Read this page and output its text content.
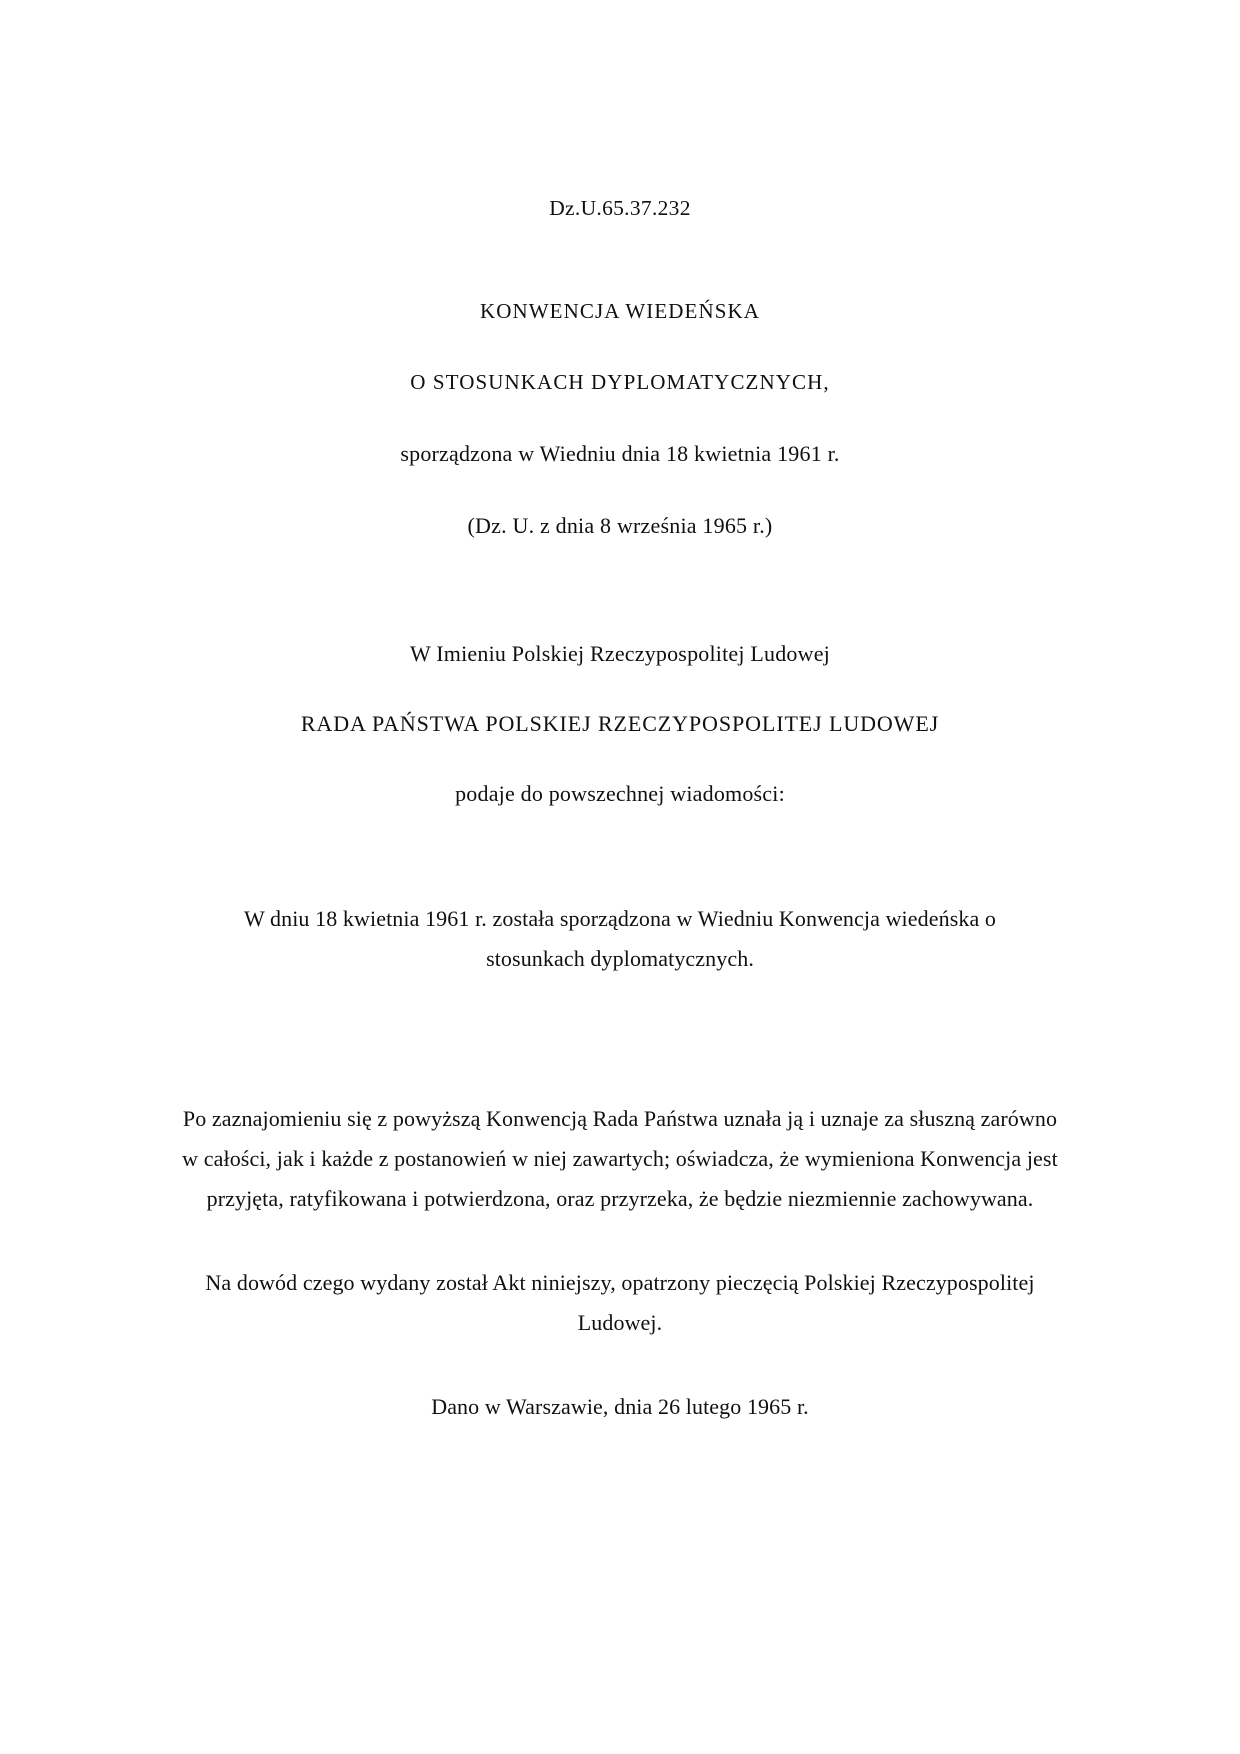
Dz.U.65.37.232
KONWENCJA WIEDEŃSKA
O STOSUNKACH DYPLOMATYCZNYCH,
sporządzona w Wiedniu dnia 18 kwietnia 1961 r.
(Dz. U. z dnia 8 września 1965 r.)
W Imieniu Polskiej Rzeczypospolitej Ludowej
RADA PAŃSTWA POLSKIEJ RZECZYPOSPOLITEJ LUDOWEJ
podaje do powszechnej wiadomości:

W dniu 18 kwietnia 1961 r. została sporządzona w Wiedniu Konwencja wiedeńska o stosunkach dyplomatycznych.

Po zaznajomieniu się z powyższą Konwencją Rada Państwa uznała ją i uznaje za słuszną zarówno w całości, jak i każde z postanowień w niej zawartych; oświadcza, że wymieniona Konwencja jest przyjęta, ratyfikowana i potwierdzona, oraz przyrzeka, że będzie niezmiennie zachowywana.

Na dowód czego wydany został Akt niniejszy, opatrzony pieczęcią Polskiej Rzeczypospolitej Ludowej.

Dano w Warszawie, dnia 26 lutego 1965 r.
